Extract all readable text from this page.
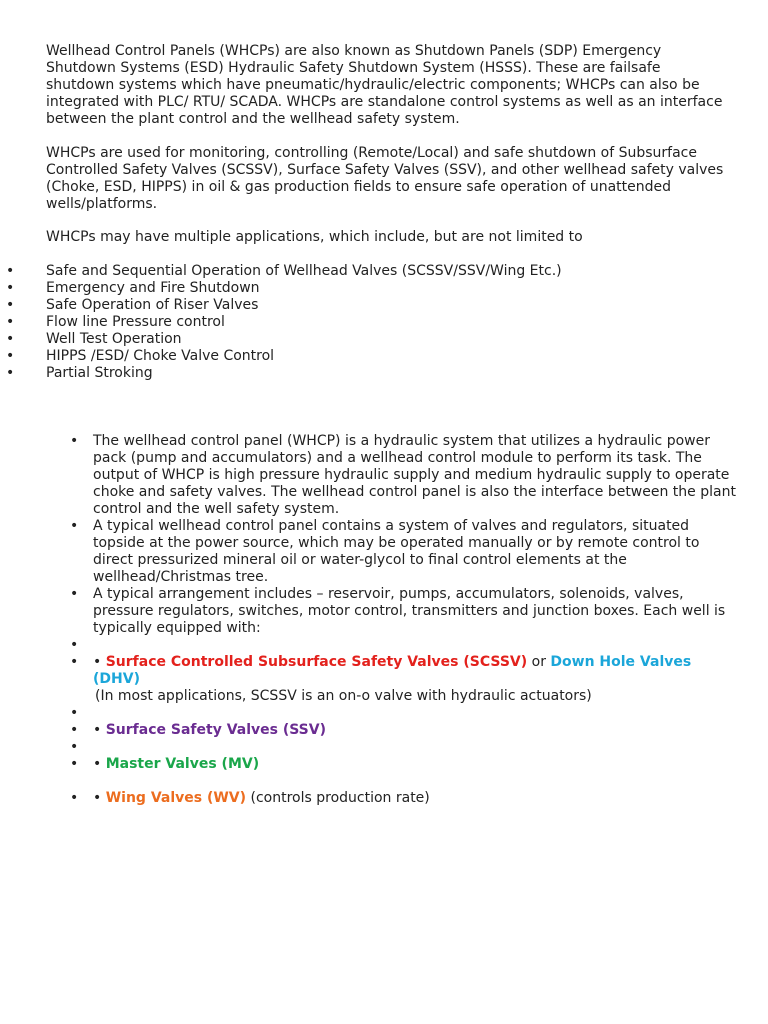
Wellhead Control Panels (WHCPs) are also known as Shutdown Panels (SDP) Emergency Shutdown Systems (ESD) Hydraulic Safety Shutdown System (HSSS). These are failsafe shutdown systems which have pneumatic/hydraulic/electric components; WHCPs can also be integrated with PLC/ RTU/ SCADA. WHCPs are standalone control systems as well as an interface between the plant control and the wellhead safety system.

WHCPs are used for monitoring, controlling (Remote/Local) and safe shutdown of Subsurface Controlled Safety Valves (SCSSV), Surface Safety Valves (SSV), and other wellhead safety valves (Choke, ESD, HIPPS) in oil & gas production fields to ensure safe operation of unattended wells/platforms.

WHCPs may have multiple applications, which include, but are not limited to

• Safe and Sequential Operation of Wellhead Valves (SCSSV/SSV/Wing Etc.)
• Emergency and Fire Shutdown
• Safe Operation of Riser Valves
• Flow line Pressure control
• Well Test Operation
• HIPPS /ESD/ Choke Valve Control
• Partial Stroking
• The wellhead control panel (WHCP) is a hydraulic system that utilizes a hydraulic power pack (pump and accumulators) and a wellhead control module to perform its task. The output of WHCP is high pressure hydraulic supply and medium hydraulic supply to operate choke and safety valves. The wellhead control panel is also the interface between the plant control and the well safety system.
• A typical wellhead control panel contains a system of valves and regulators, situated topside at the power source, which may be operated manually or by remote control to direct pressurized mineral oil or water-glycol to final control elements at the wellhead/Christmas tree.
• A typical arrangement includes – reservoir, pumps, accumulators, solenoids, valves, pressure regulators, switches, motor control, transmitters and junction boxes. Each well is typically equipped with:
•
• • Surface Controlled Subsurface Safety Valves (SCSSV) or Down Hole Valves (DHV)
(In most applications, SCSSV is an on-o valve with hydraulic actuators)
•
• • Surface Safety Valves (SSV)
•
• • Master Valves (MV)
• • Wing Valves (WV) (controls production rate)
